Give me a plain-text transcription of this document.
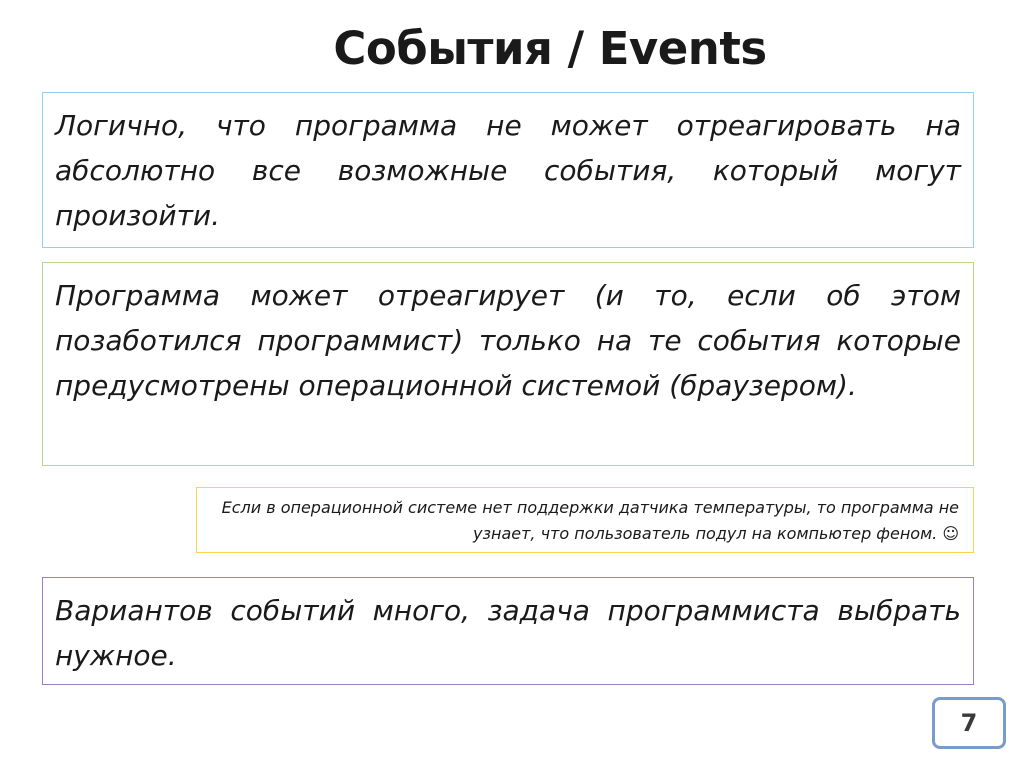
События / Events

Логично, что программа не может отреагировать на абсолютно все возможные события, который могут произойти.

Программа может отреагирует (и то, если об этом позаботился программист) только на те события которые предусмотрены операционной системой (браузером).

Если в операционной системе нет поддержки датчика температуры, то программа не узнает, что пользователь подул на компьютер феном. ☺

Вариантов событий много, задача программиста выбрать нужное.

7
